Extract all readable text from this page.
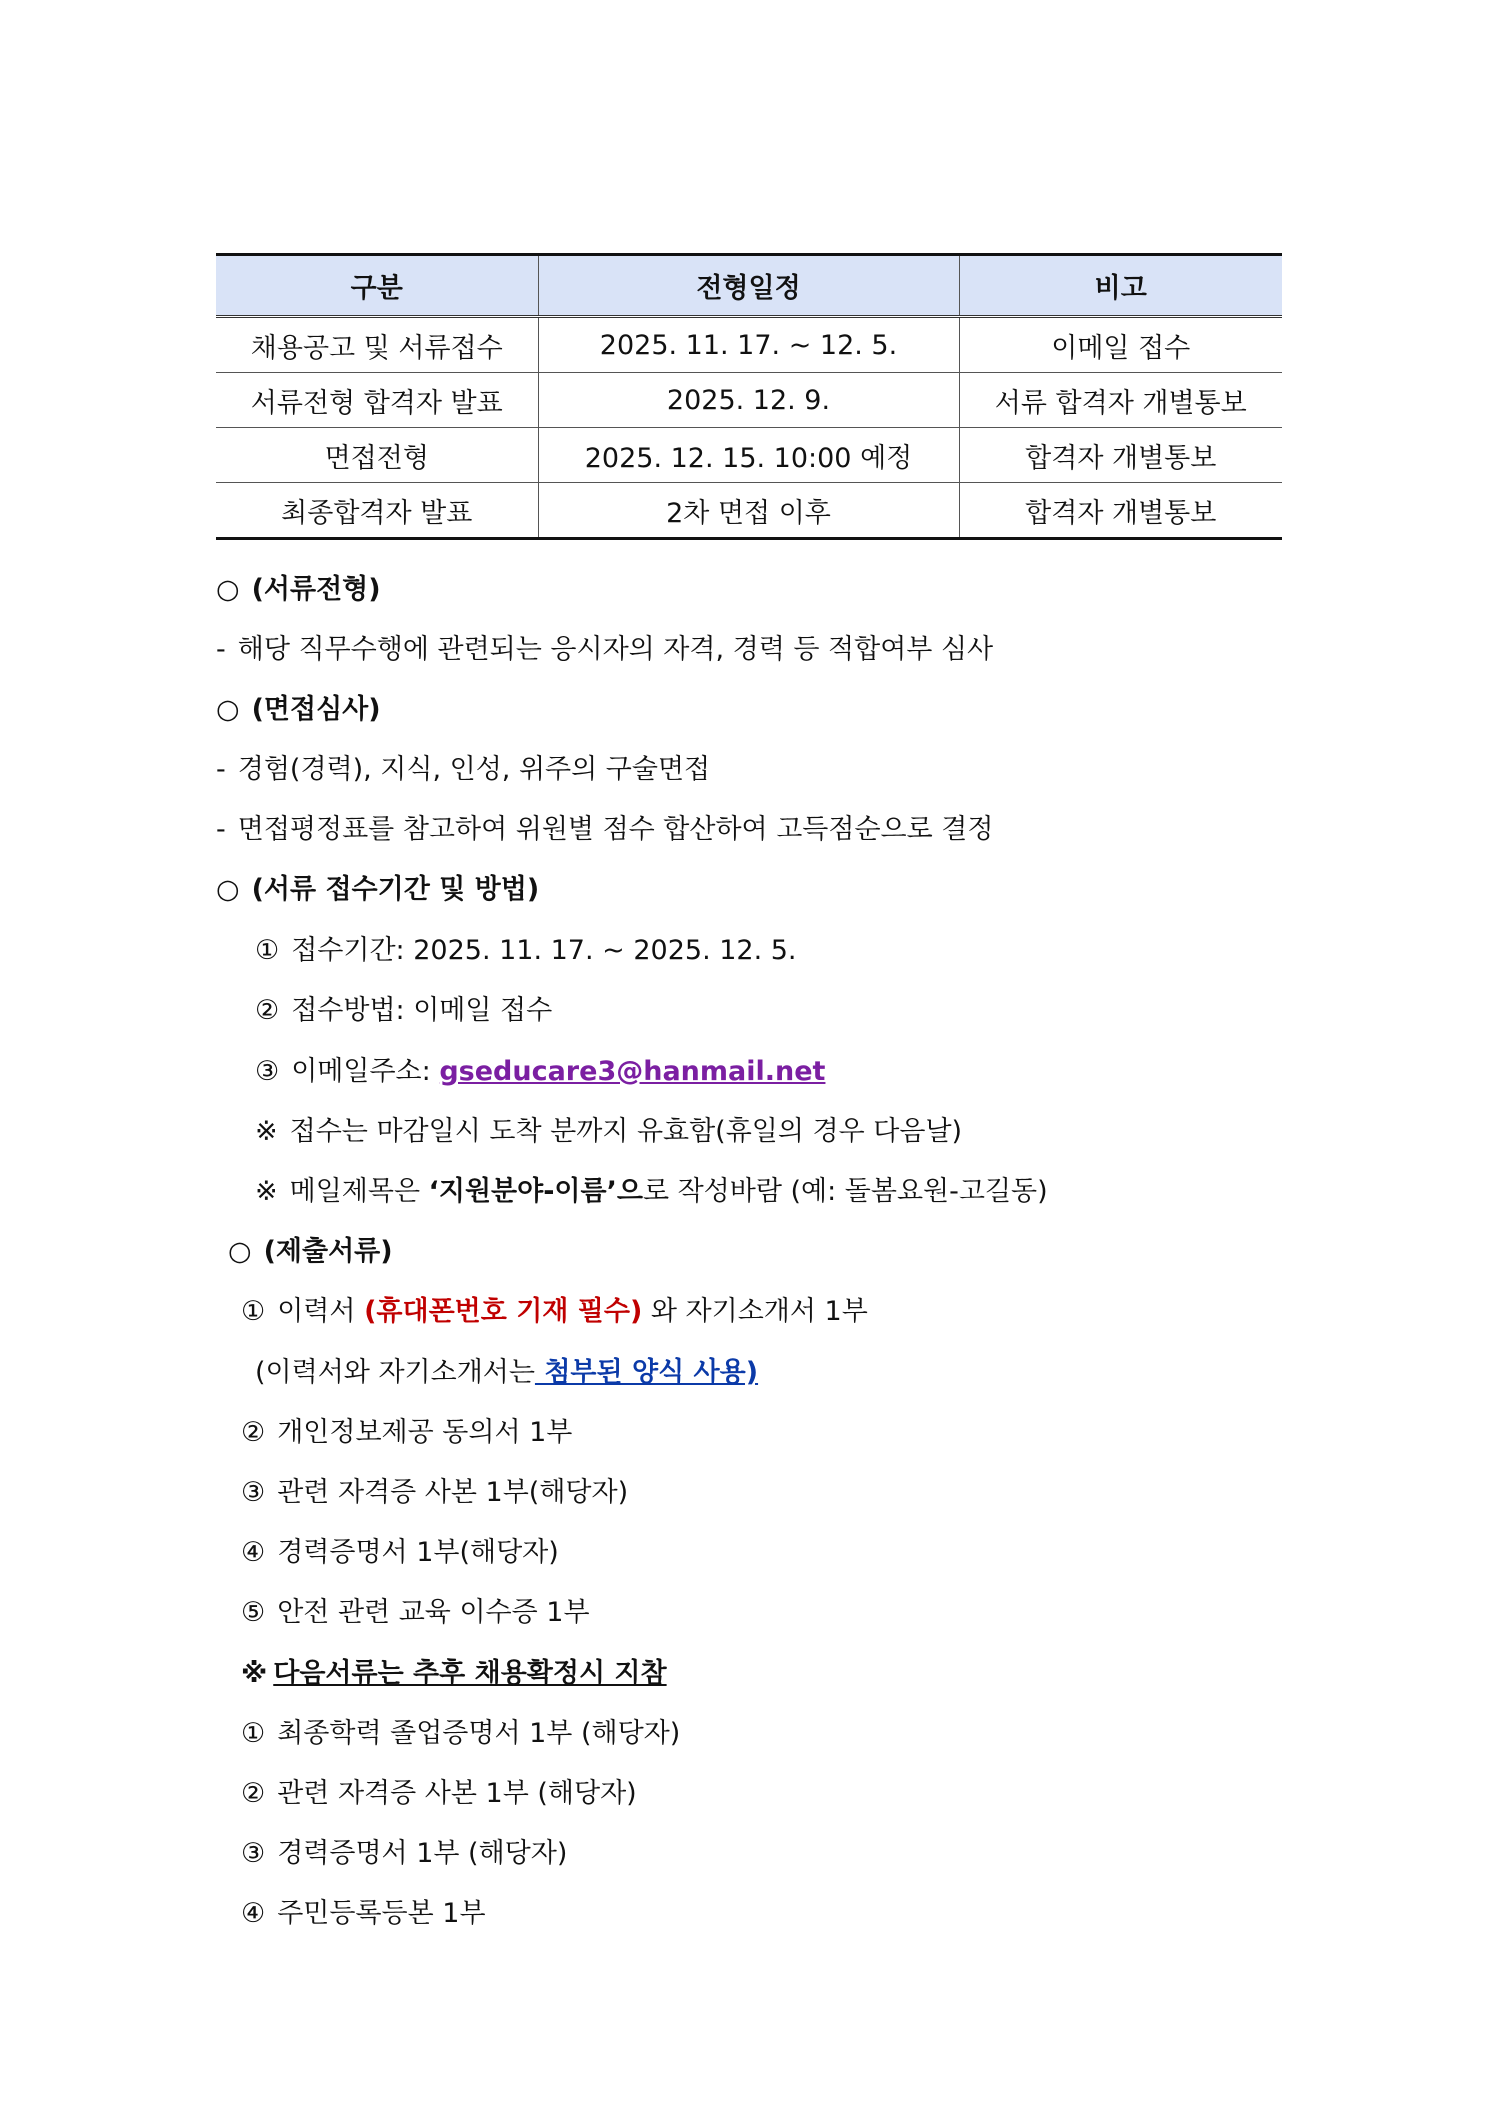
구분	전형일정	비고
채용공고 및 서류접수	2025. 11. 17. ~ 12. 5.	이메일 접수
서류전형 합격자 발표	2025. 12. 9.	서류 합격자 개별통보
면접전형	2025. 12. 15. 10:00 예정	합격자 개별통보
최종합격자 발표	2차 면접 이후	합격자 개별통보
○ (서류전형)
- 해당 직무수행에 관련되는 응시자의 자격, 경력 등 적합여부 심사
○ (면접심사)
- 경험(경력), 지식, 인성, 위주의 구술면접
- 면접평정표를 참고하여 위원별 점수 합산하여 고득점순으로 결정
○ (서류 접수기간 및 방법)
① 접수기간: 2025. 11. 17. ~ 2025. 12. 5.
② 접수방법: 이메일 접수
③ 이메일주소: gseducare3@hanmail.net
※ 접수는 마감일시 도착 분까지 유효함(휴일의 경우 다음날)
※ 메일제목은 ‘지원분야-이름’으로 작성바람 (예: 돌봄요원-고길동)
○ (제출서류)
① 이력서 (휴대폰번호 기재 필수) 와 자기소개서 1부
(이력서와 자기소개서는 첨부된 양식 사용)
② 개인정보제공 동의서 1부
③ 관련 자격증 사본 1부(해당자)
④ 경력증명서 1부(해당자)
⑤ 안전 관련 교육 이수증 1부
※ 다음서류는 추후 채용확정시 지참
① 최종학력 졸업증명서 1부 (해당자)
② 관련 자격증 사본 1부 (해당자)
③ 경력증명서 1부 (해당자)
④ 주민등록등본 1부
